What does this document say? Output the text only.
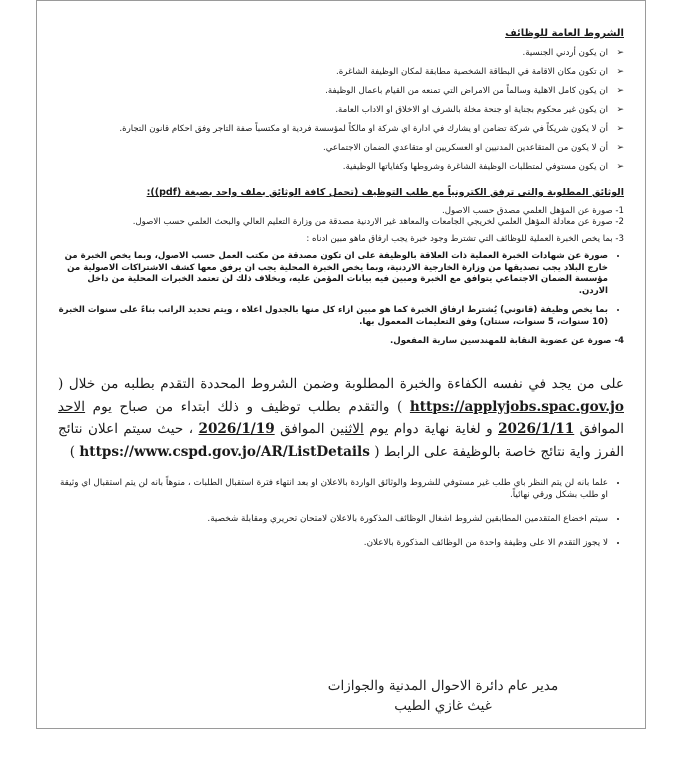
الشروط العامة للوظائف
➢
ان يكون أردني الجنسية.
➢
ان تكون مكان الاقامة في البطاقة الشخصية مطابقة لمكان الوظيفة الشاغرة.
➢
ان يكون كامل الاهلية وسالماً من الامراض التي تمنعه من القيام باعمال الوظيفة.
➢
ان يكون غير محكوم بجناية او جنحة مخلة بالشرف او الاخلاق او الاداب العامة.
➢
أن لا يكون شريكاً في شركة تضامن او يشارك في ادارة اي شركة او مالكاً لمؤسسة فردية او مكتسباً صفة التاجر وفق احكام قانون التجارة.
➢
أن لا يكون من المتقاعدين المدنيين او العسكريين او متقاعدي الضمان الاجتماعي.
➢
ان يكون مستوفي لمتطلبات الوظيفة الشاغرة وشروطها وكفاياتها الوظيفية.
الوثائق المطلوبة والتي ترفق الكترونياً مع طلب التوظيف (تحمل كافة الوثائق بملف واحد بصيغة (pdf)):

1- صورة عن المؤهل العلمي مصدق حسب الاصول.

2- صورة عن معادلة المؤهل العلمي لخريجي الجامعات والمعاهد غير الاردنية مصدقة من وزارة التعليم العالي والبحث العلمي حسب الاصول.

3- بما يخص الخبرة العملية للوظائف التي تشترط وجود خبرة يجب ارفاق ماهو مبين ادناه :

• صورة عن شهادات الخبرة العملية ذات العلاقة بالوظيفة على ان تكون مصدقة من مكتب العمل حسب الاصول، وبما يخص الخبرة من خارج البلاد يجب تصديقها من وزارة الخارجية الاردنية، وبما يخص الخبرة المحلية يجب ان يرفق معها كشف الاشتراكات الاصولية من مؤسسة الضمان الاجتماعي يتوافق مع الخبرة ومبين فيه بيانات المؤمن عليه، وبخلاف ذلك لن تعتمد الخبرات المحلية من داخل الاردن.
• بما يخص وظيفة (قانوني) يُشترط ارفاق الخبرة كما هو مبين ازاء كل منها بالجدول اعلاه ، ويتم تحديد الراتب بناءً على سنوات الخبرة (10 سنوات، 5 سنوات، سنتان) وفق التعليمات المعمول بها.

4- صورة عن عضوية النقابة للمهندسين سارية المفعول.

على من يجد في نفسه الكفاءة والخبرة المطلوبة وضمن الشروط المحددة التقدم بطلبه من خلال ( https://applyjobs.spac.gov.jo ) والتقدم بطلب توظيف و ذلك ابتداء من صباح يوم الاحد الموافق 2026/1/11 و لغاية نهاية دوام يوم الاثنين الموافق 2026/1/19 ، حيث سيتم اعلان نتائج الفرز واية نتائج خاصة بالوظيفة على الرابط ( https://www.cspd.gov.jo/AR/ListDetails )
• علما بانه لن يتم النظر باي طلب غير مستوفي للشروط والوثائق الواردة بالاعلان او بعد انتهاء فترة استقبال الطلبات ، منوهاً بانه لن يتم استقبال اي وثيقة او طلب بشكل ورقي نهائياً.
• سيتم اخضاع المتقدمين المطابقين لشروط اشغال الوظائف المذكورة بالاعلان لامتحان تحريري ومقابلة شخصية.
• لا يجوز التقدم الا على وظيفة واحدة من الوظائف المذكورة بالاعلان.
مدير عام دائرة الاحوال المدنية والجوازات
غيث غازي الطيب
